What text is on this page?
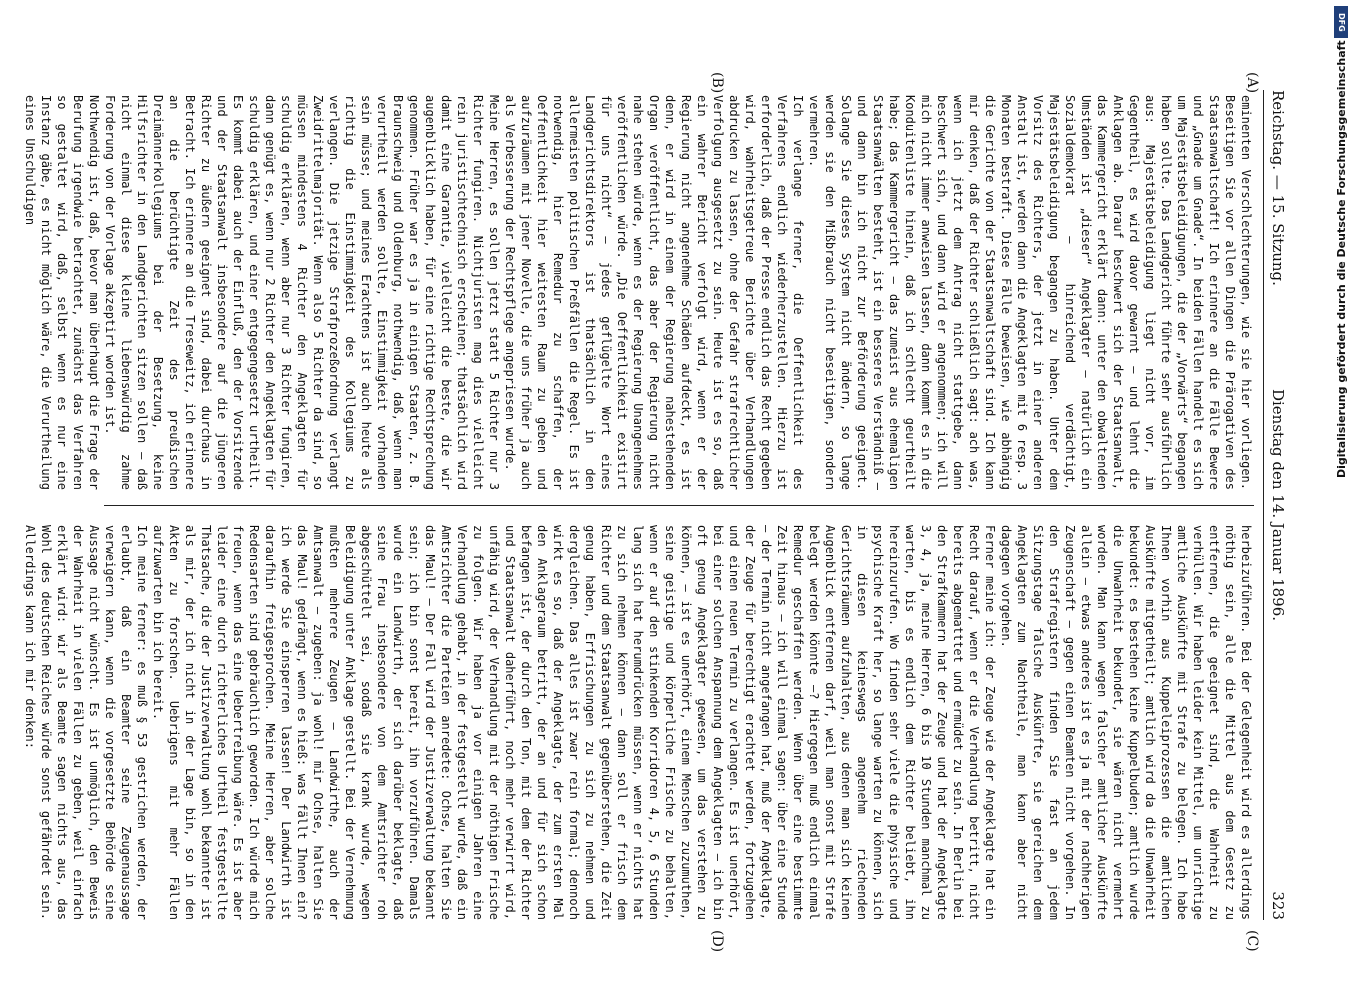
Reichstag. — 15. Sitzung.
Dienstag den 14. Januar 1896.
323
(A)
(B)
(C)
(D)

eminenten Verschlechterungen, wie sie hier vorliegen. Beseitigen Sie vor allen Dingen die Prärogativen des Staatsanwaltschaft! Ich erinnere an die Fälle Bewere und „Gnade um Gnade“. In beiden Fällen handelt es sich um Majestätsbeleidigungen, die der „Vorwärts“ begangen haben sollte. Das Landgericht führte sehr ausführlich aus: Majestätsbeleidigung liegt nicht vor, im Gegentheil, es wird davor gewarnt — und lehnt die Anklagen ab. Darauf beschwert sich der Staatsanwalt, das Kammergericht erklärt dann: unter den obwaltenden Umständen ist „dieser“ Angeklagter — natürlich ein Sozialdemokrat — hinreichend verdächtigt, Majestätsbeleidigung begangen zu haben. Unter dem Vorsitz des Richters, der jetzt in einer anderen Anstalt ist, werden dann die Angeklagten mit 6 resp. 3 Monaten bestraft. Diese Fälle beweisen, wie abhängig die Gerichte von der Staatsanwaltschaft sind. Ich kann mir denken, daß der Richter schließlich sagt: ach was, wenn ich jetzt dem Antrag nicht stattgebe, dann beschwert sich, und dann wird er angenommen; ich will mich nicht immer anweisen lassen, dann kommt es in die Konduitenliste hinein, daß ich schlecht geurtheilt habe; das Kammergericht — das zumeist aus ehemaligen Staatsanwälten besteht, ist ein besseres Verständniß — und dann bin ich nicht zur Beförderung geeignet. Solange Sie dieses System nicht ändern, so lange werden sie den Mißbrauch nicht beseitigen, sondern vermehren.

Ich verlange ferner, die Oeffentlichkeit des Verfahrens endlich wiederherzustellen. Hierzu ist erforderlich, daß der Presse endlich das Recht gegeben wird, wahrheitsgetreue Berichte über Verhandlungen abdrucken zu lassen, ohne der Gefahr strafrechtlicher Verfolgung ausgesetzt zu sein. Heute ist es so, daß ein wahrer Bericht verfolgt wird, wenn er der Regierung nicht angenehme Schäden aufdeckt, es ist denn, er wird in einem der Regierung nahestehenden Organ veröffentlicht, das aber der Regierung nicht nahe stehen würde, wenn es der Regierung Unangenehmes veröffentlichen würde. „Die Oeffentlichkeit existirt für uns nicht“ — jedes geflügelte Wort eines Landgerichtsdirektors ist thatsächlich in den allermeisten politischen Preßfällen die Regel. Es ist notwendig, hier Remedur zu schaffen, der Oeffentlichkeit hier weitesten Raum zu geben und aufzuräumen mit jener Novelle, die uns früher ja auch als Verbesserung der Rechtspflege angepriesen wurde.

Meine Herren, es sollen jetzt statt 5 Richter nur 3 Richter fungiren. Nichtjuristen mag dies vielleicht rein juristischtechnisch erscheinen; thatsächlich wird damit eine Garantie, vielleicht die beste, die wir augenblicklich haben, für eine richtige Rechtsprechung genommen. Früher war es ja in einigen Staaten, z. B. Braunschweig und Oldenburg, nothwendig, daß, wenn man verurtheilt werden sollte, Einstimmigkeit vorhanden sein müsse; und meines Erachtens ist auch heute als richtig die Einstimmigkeit des Kollegiums zu verlangen. Die jetzige Strafprozeßordnung verlangt Zweidrittelmajorität. Wenn also 5 Richter da sind, so müssen mindestens 4 Richter den Angeklagten für schuldig erklären, wenn aber nur 3 Richter fungiren, dann genügt es, wenn nur 2 Richter den Angeklagten für schuldig erklären, und einer entgegengesetzt urtheilt. Es kommt dabei auch der Einfluß, den der Vorsitzende und der Staatsanwalt insbesondere auf die jüngeren Richter zu äußern geeignet sind, dabei durchaus in Betracht. Ich erinnere an die Treseweitz, ich erinnere an die berüchtigte Zeit des preußischen Dreimännerkollegiums bei der Besetzung, keine Hilfsrichter in den Landgerichten sitzen sollen — daß nicht einmal diese kleine liebenswürdig zahme Forderung von der Vorlage akzeptirt worden ist.

Nothwendig ist, daß, bevor man überhaupt die Frage der Berufung irgendwie betrachtet, zunächst das Verfahren so gestaltet wird, daß, selbst wenn es nur eine Instanz gäbe, es nicht möglich wäre, die Verurtheilung eines Unschuldigen

herbeizuführen. Bei der Gelegenheit wird es allerdings nöthig sein, alle die Mittel aus dem Gesetz zu entfernen, die geeignet sind, die Wahrheit zu verhüllen. Wir haben leider kein Mittel, um unrichtige amtliche Auskünfte mit Strafe zu belegen. Ich habe Ihnen vorhin aus Kuppeleiprozessen die amtlichen Auskünfte mitgetheilt; amtlich wird da die Unwahrheit bekundet: es bestehen keine Kuppelbuden; amtlich wurde die Unwahrheit bekundet, sie wären nicht vermehrt worden. Man kann wegen falscher amtlicher Auskünfte allein — etwas anderes ist es ja mit der nachherigen Zeugenschaft — gegen einen Beamten nicht vorgehen. In den Strafregistern finden Sie fast an jedem Sitzungstage falsche Auskünfte, sie gereichen dem Angeklagten zum Nachtheile, man kann aber nicht dagegen vorgehen.

Ferner meine ich: der Zeuge wie der Angeklagte hat ein Recht darauf, wenn er die Verhandlung betritt, nicht bereits abgematttet und ermüdet zu sein. In Berlin bei den Strafkammern hat der Zeuge und hat der Angeklagte 3, 4, ja, meine Herren, 6 bis 10 Stunden manchmal zu warten, bis es endlich dem Richter beliebt, ihn hereinzurufen. Wo finden sehr viele die physische und psychische Kraft her, so lange warten zu können, sich in diesen keineswegs angenehm riechenden Gerichtsräumen aufzuhalten, aus denen man sich keinen Augenblick entfernen darf, weil man sonst mit Strafe belegt werden könnte —? Hiergegen muß endlich einmal Remedur geschaffen werden. Wenn über eine bestimmte Zeit hinaus — ich will einmal sagen: über eine Stunde — der Termin nicht angefangen hat, muß der Angeklagte, der Zeuge für berechtigt erachtet werden, fortzugehen und einen neuen Termin zu verlangen. Es ist unerhört, bei einer solchen Anspannung dem Angeklagten — ich bin oft genug Angeklagter gewesen, um das verstehen zu können, — ist es unerhört, einem Menschen zuzumuthen, seine geistige und körperliche Frische zu behalten, wenn er auf den stinkenden Korridoren 4, 5, 6 Stunden lang sich hat herumdrücken müssen, wenn er nichts hat zu sich nehmen können — dann soll er frisch dem Richter und dem Staatsanwalt gegenüberstehen, die Zeit genug haben, Erfrischungen zu sich zu nehmen und dergleichen. Das alles ist zwar rein formal; dennoch wirkt es so, daß der Angeklagte, der zum ersten Mal den Anklageraum betritt, der an und für sich schon befangen ist, der durch den Ton, mit dem der Richter und Staatsanwalt daherführt, noch mehr verwirrt wird, unfähig wird, der Verhandlung mit der nöthigen Frische zu folgen. Wir haben ja vor einigen Jahren eine Verhandlung gehabt, in der festgestellt wurde, daß ein Amtsrichter die Parteien anredete: Ochse, halten Sie das Maul! — Der Fall wird der Justizverwaltung bekannt sein; ich bin sonst bereit, ihn vorzuführen. Damals wurde ein Landwirth, der sich darüber beklagte, daß seine Frau insbesondere von dem Amtsrichter roh abgeschüttelt sei, sodaß sie krank wurde, wegen Beleidigung unter Anklage gestellt. Bei der Vernehmung mußten mehrere Zeugen — Landwirthe, auch der Amtsanwalt — zugeben: ja wohl! mir Ochse, halten Sie das Maul! gedrängt, wenn es hieß: was fällt Ihnen ein? ich werde Sie einsperren lassen! Der Landwirth ist daraufhin freigesprochen. Meine Herren, aber solche Redensarten sind gebräuchlich geworden. Ich würde mich freuen, wenn das eine Uebertreibung wäre. Es ist aber leider eine durch richterliches Urtheil festgestellte Thatsache, die der Justizverwaltung wohl bekannter ist als mir, der ich nicht in der Lage bin, so in den Akten zu forschen. Uebrigens mit mehr Fällen aufzuwarten bin ich bereit.

Ich meine ferner: es muß § 53 gestrichen werden, der erlaubt, daß ein Beamter seine Zeugenaussage verweigern kann, wenn die vorgesetzte Behörde seine Aussage nicht wünscht. Es ist unmöglich, den Beweis der Wahrheit in vielen Fällen zu geben, weil einfach erklärt wird: wir als Beamte sagen nichts aus, das Wohl des deutschen Reiches würde sonst gefährdet sein. Allerdings kann ich mir denken:

DFG
Digitalisierung gefördert durch die Deutsche Forschungsgemeinschaft
